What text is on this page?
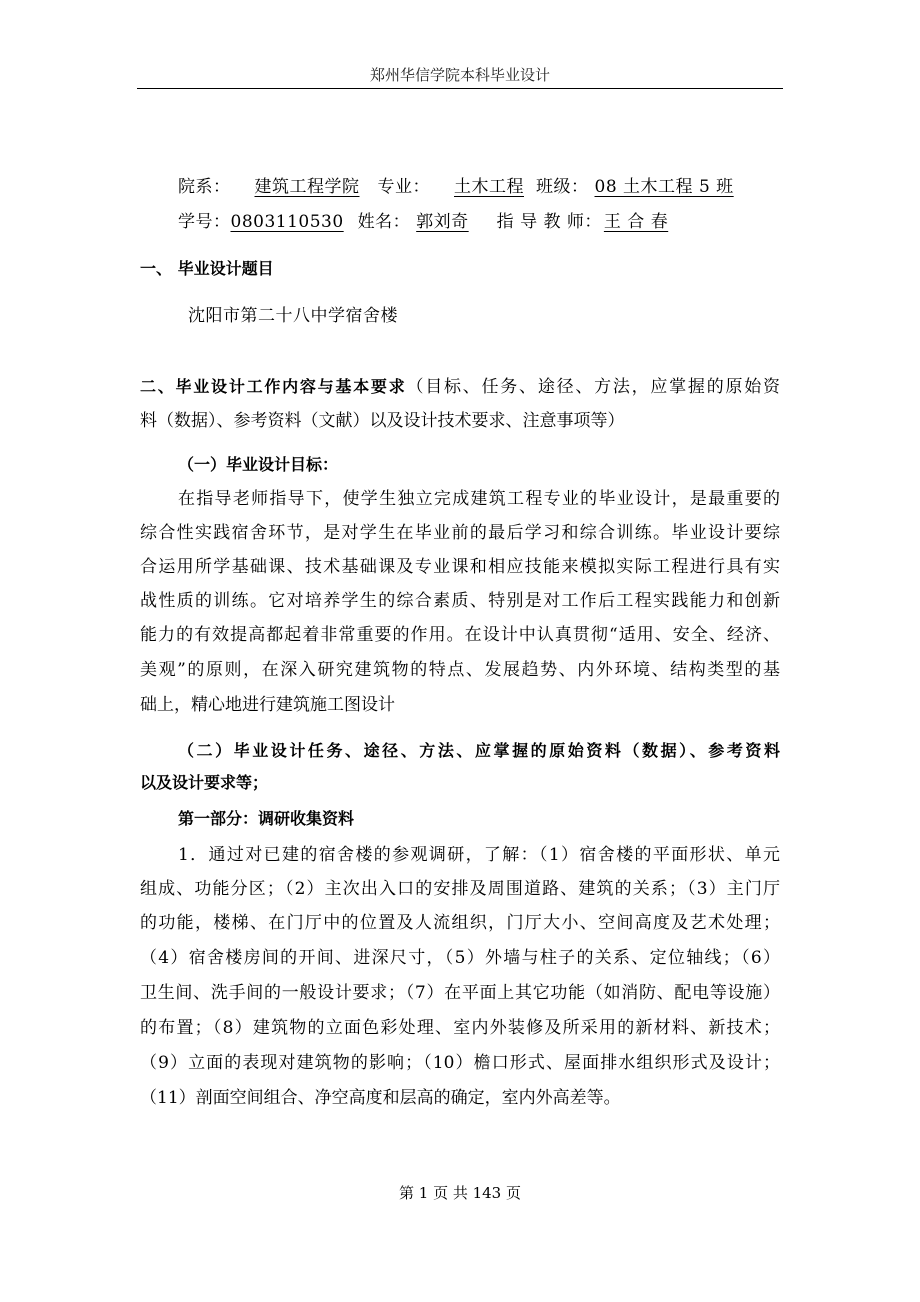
郑州华信学院本科毕业设计
院系： 建筑工程学院 专业： 土木工程 班级： 08 土木工程 5 班
学号：0803110530 姓名： 郭刘奇 指 导 教 师： 王 合 春
一、 毕业设计题目
沈阳市第二十八中学宿舍楼
二、毕业设计工作内容与基本要求（目标、任务、途径、方法，应掌握的原始资
料（数据）、参考资料（文献）以及设计技术要求、注意事项等）
（一）毕业设计目标：
在指导老师指导下，使学生独立完成建筑工程专业的毕业设计，是最重要的
综合性实践宿舍环节，是对学生在毕业前的最后学习和综合训练。毕业设计要综
合运用所学基础课、技术基础课及专业课和相应技能来模拟实际工程进行具有实
战性质的训练。它对培养学生的综合素质、特别是对工作后工程实践能力和创新
能力的有效提高都起着非常重要的作用。在设计中认真贯彻“适用、安全、经济、
美观”的原则，在深入研究建筑物的特点、发展趋势、内外环境、结构类型的基
础上，精心地进行建筑施工图设计
（二）毕业设计任务、途径、方法、应掌握的原始资料（数据）、参考资料
以及设计要求等；
第一部分：调研收集资料
1．通过对已建的宿舍楼的参观调研，了解：（1）宿舍楼的平面形状、单元
组成、功能分区；（2）主次出入口的安排及周围道路、建筑的关系；（3）主门厅
的功能，楼梯、在门厅中的位置及人流组织，门厅大小、空间高度及艺术处理；
（4）宿舍楼房间的开间、进深尺寸，（5）外墙与柱子的关系、定位轴线；（6）
卫生间、洗手间的一般设计要求；（7）在平面上其它功能（如消防、配电等设施）
的布置；（8）建筑物的立面色彩处理、室内外装修及所采用的新材料、新技术；
（9）立面的表现对建筑物的影响；（10）檐口形式、屋面排水组织形式及设计；
（11）剖面空间组合、净空高度和层高的确定，室内外高差等。
第 1 页 共 143 页
